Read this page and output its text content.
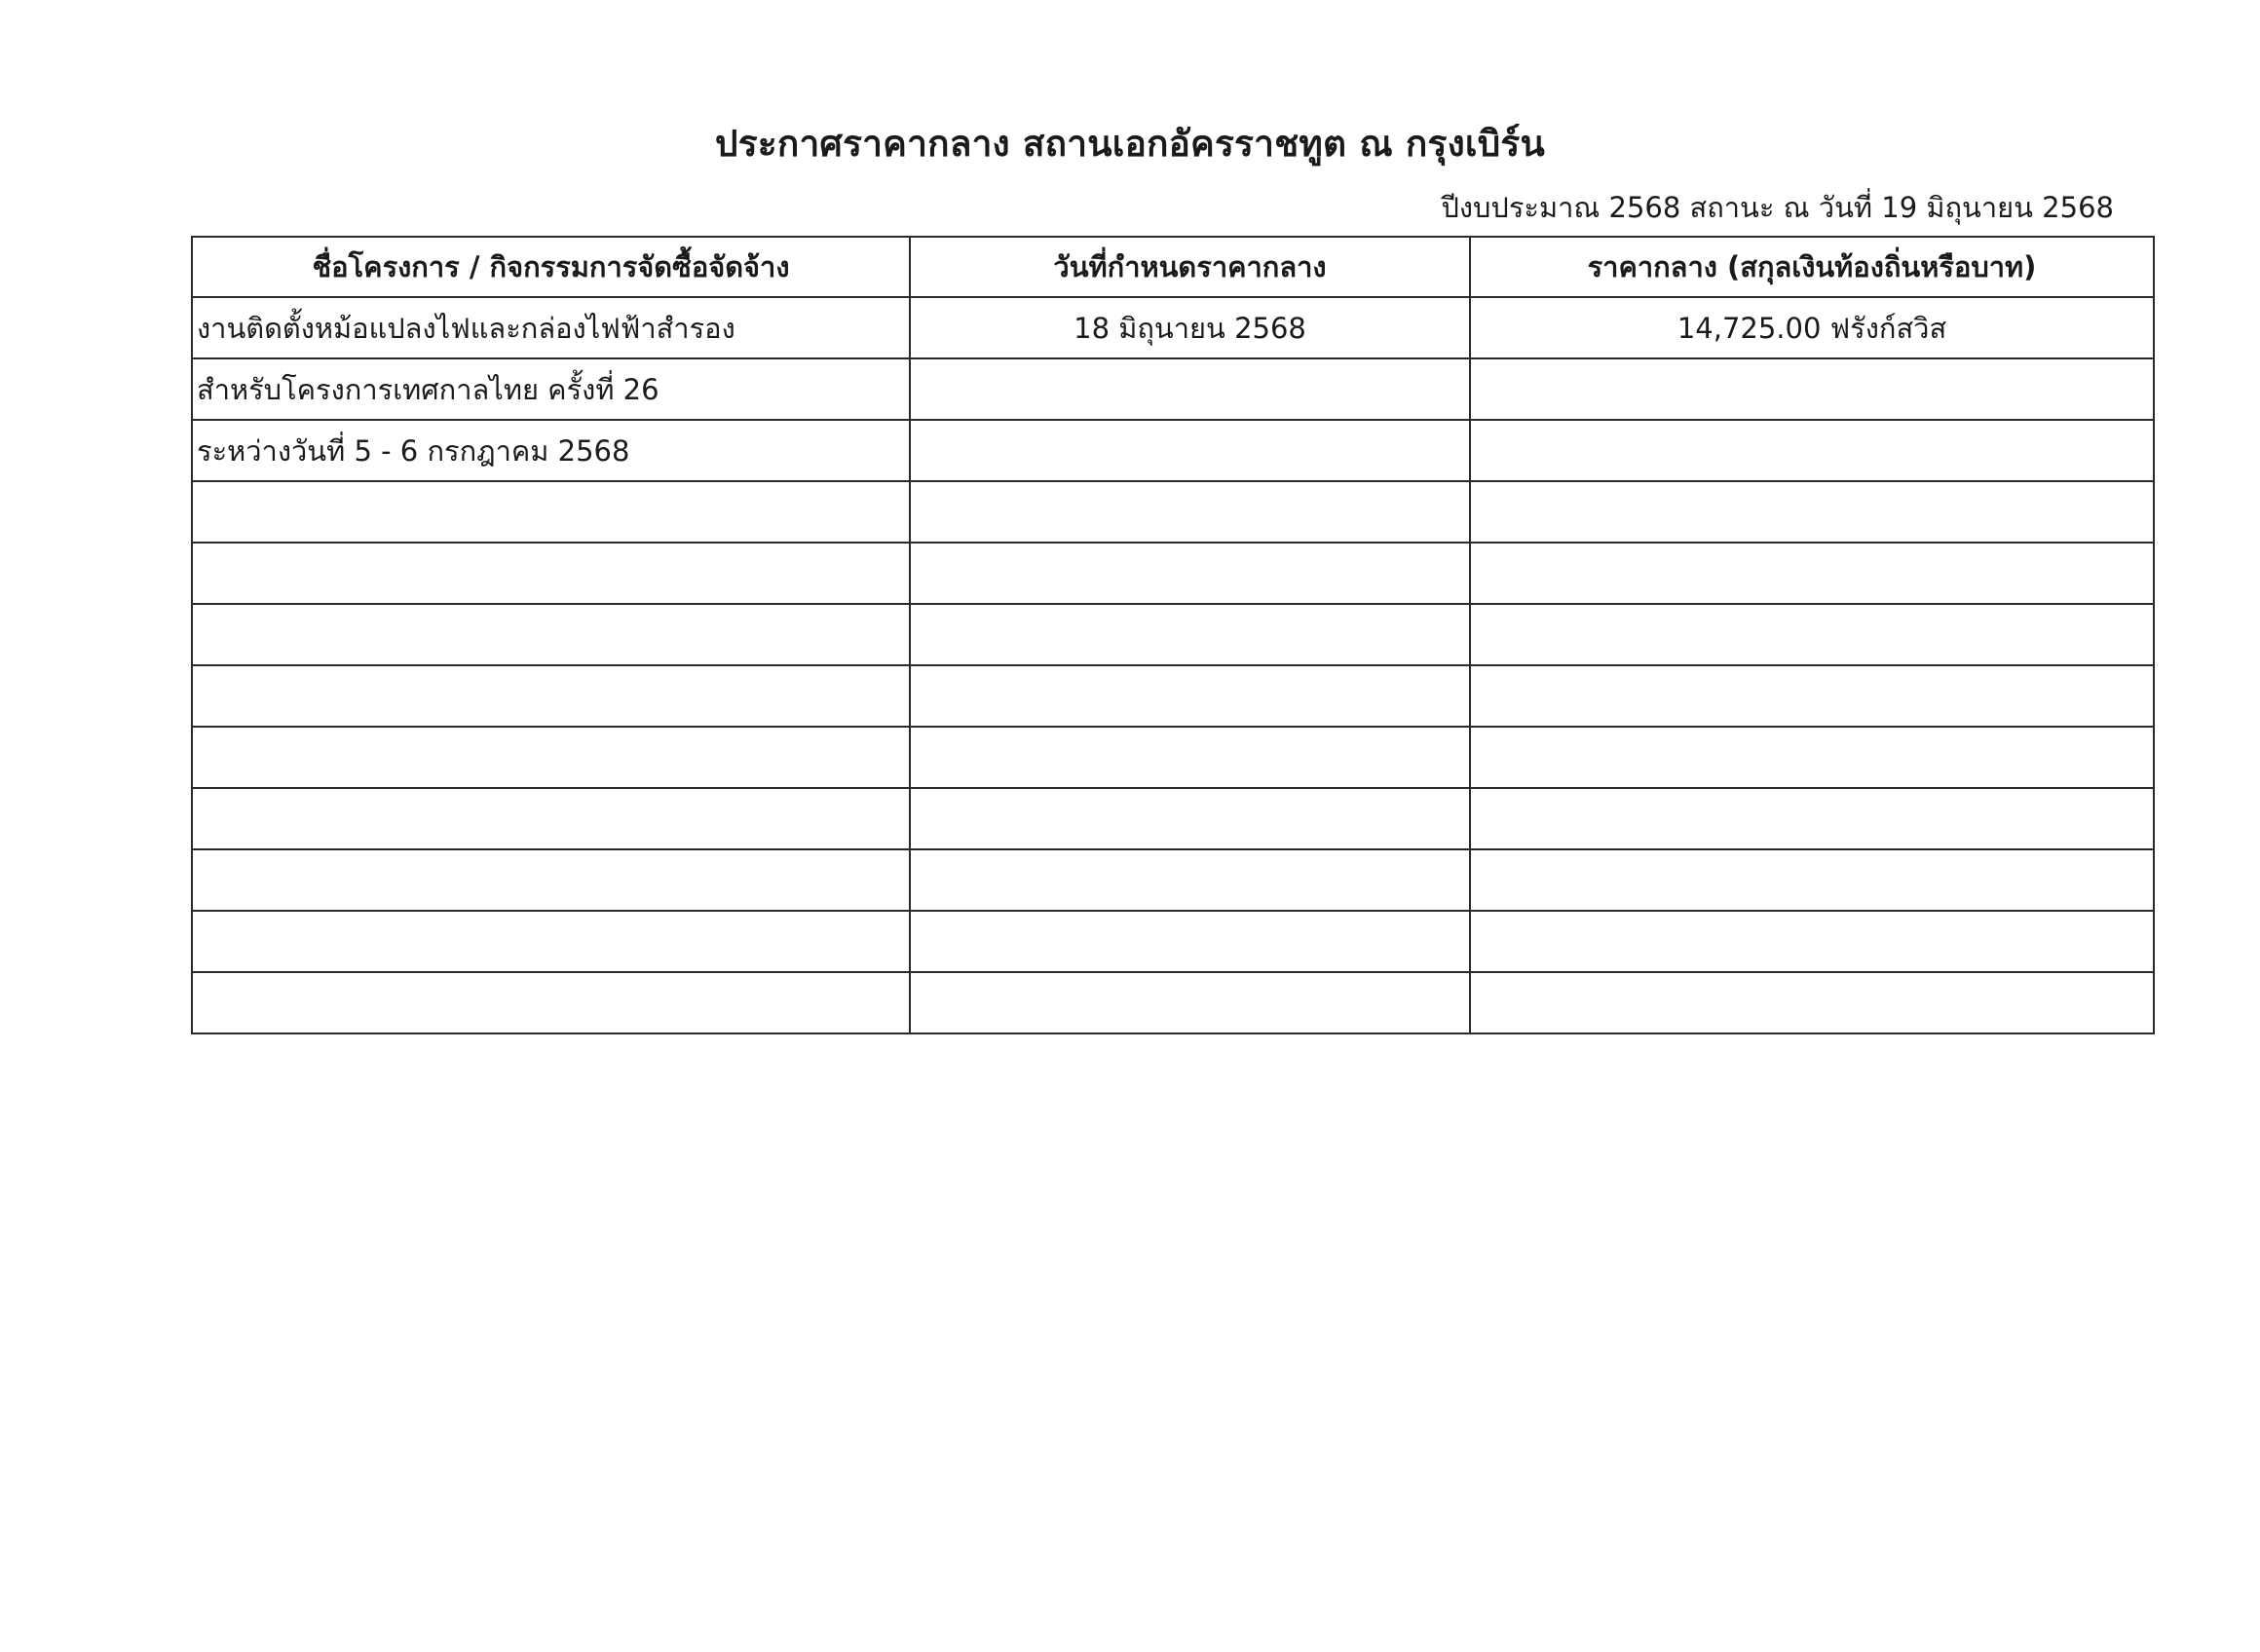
ประกาศราคากลาง สถานเอกอัครราชทูต ณ กรุงเบิร์น
ปีงบประมาณ 2568 สถานะ ณ วันที่ 19 มิถุนายน 2568
ชื่อโครงการ / กิจกรรมการจัดซื้อจัดจ้าง	วันที่กำหนดราคากลาง	ราคากลาง (สกุลเงินท้องถิ่นหรือบาท)
งานติดตั้งหม้อแปลงไฟและกล่องไฟฟ้าสำรอง	18 มิถุนายน 2568	14,725.00 ฟรังก์สวิส
สำหรับโครงการเทศกาลไทย ครั้งที่ 26		
ระหว่างวันที่ 5 - 6 กรกฎาคม 2568		
